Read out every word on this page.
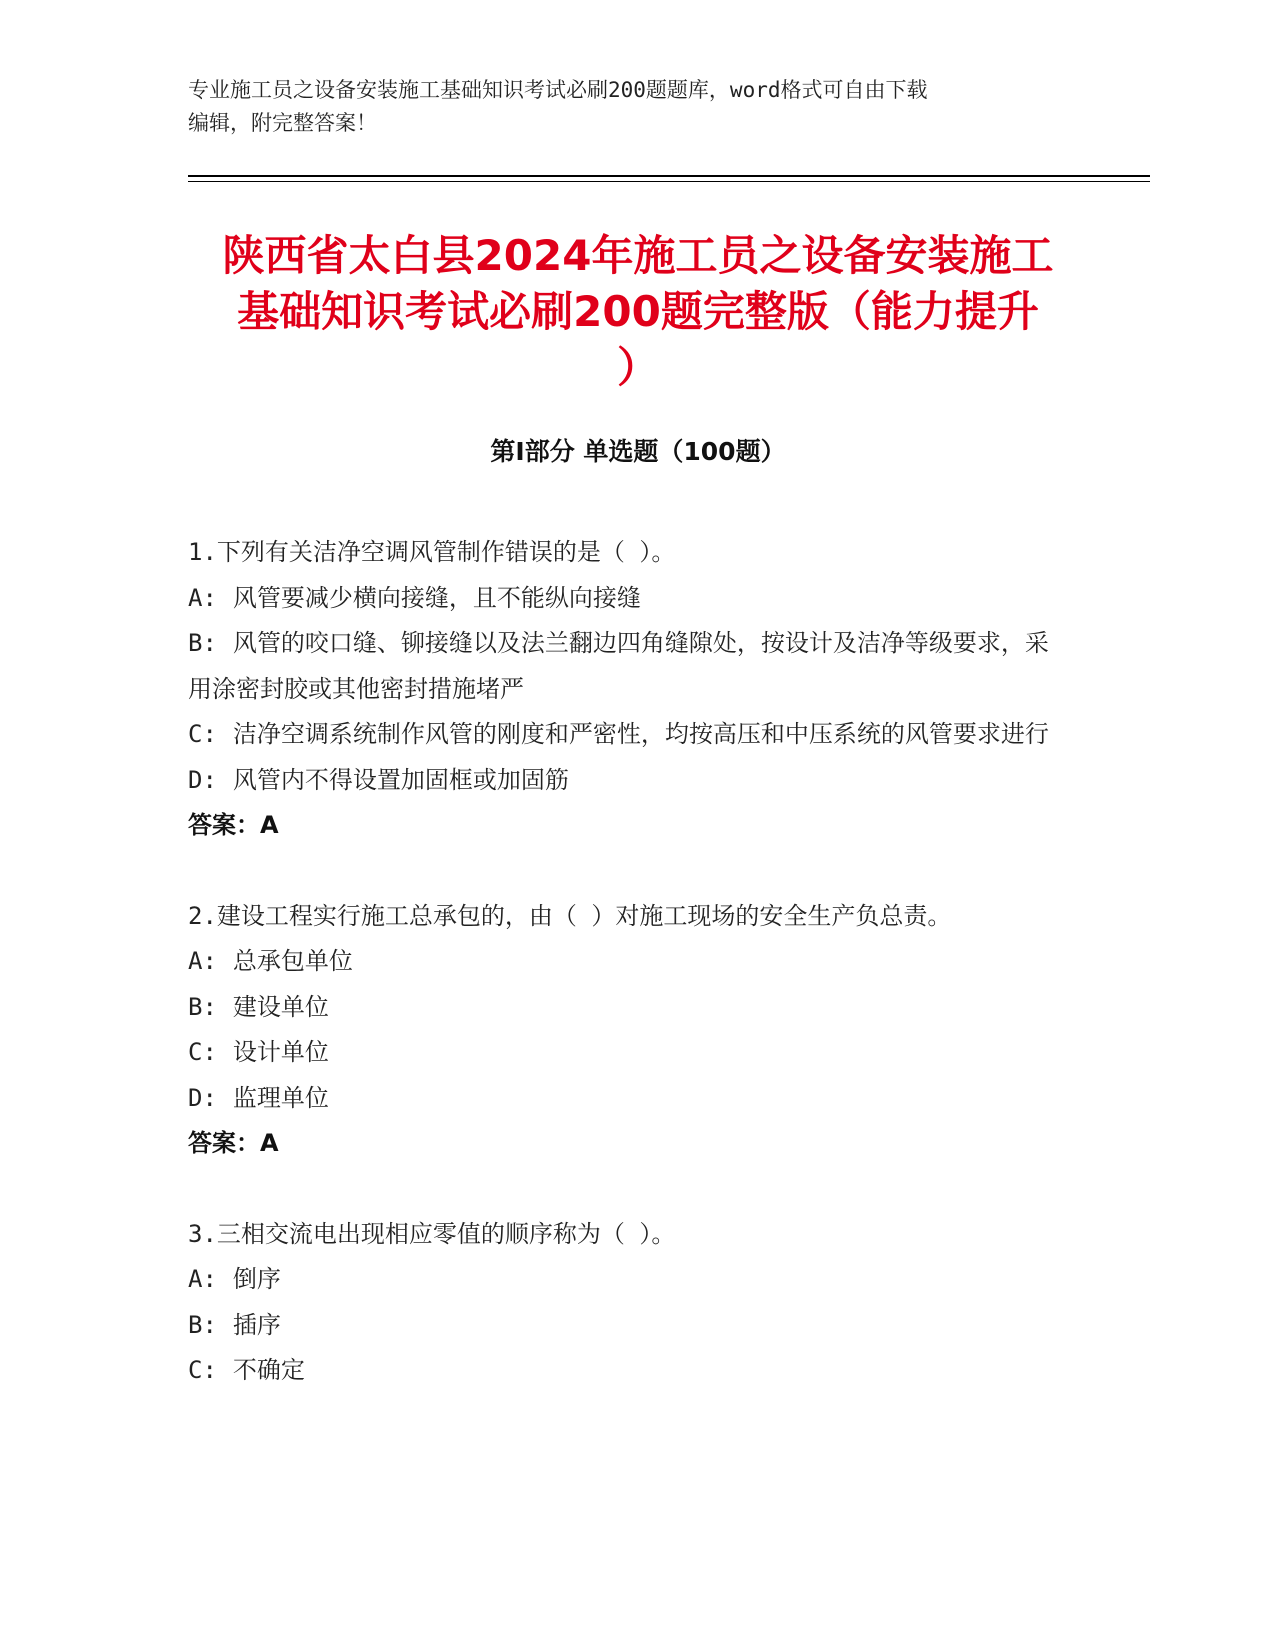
专业施工员之设备安装施工基础知识考试必刷200题题库，word格式可自由下载
编辑，附完整答案！
陕西省太白县2024年施工员之设备安装施工
基础知识考试必刷200题完整版（能力提升
）
第Ⅰ部分 单选题（100题）

1.下列有关洁净空调风管制作错误的是（ ）。

A: 风管要减少横向接缝，且不能纵向接缝

B: 风管的咬口缝、铆接缝以及法兰翻边四角缝隙处，按设计及洁净等级要求，采用涂密封胶或其他密封措施堵严

C: 洁净空调系统制作风管的刚度和严密性，均按高压和中压系统的风管要求进行

D: 风管内不得设置加固框或加固筋

答案：A

2.建设工程实行施工总承包的，由（ ）对施工现场的安全生产负总责。

A: 总承包单位

B: 建设单位

C: 设计单位

D: 监理单位

答案：A

3.三相交流电出现相应零值的顺序称为（ ）。

A: 倒序

B: 插序

C: 不确定
